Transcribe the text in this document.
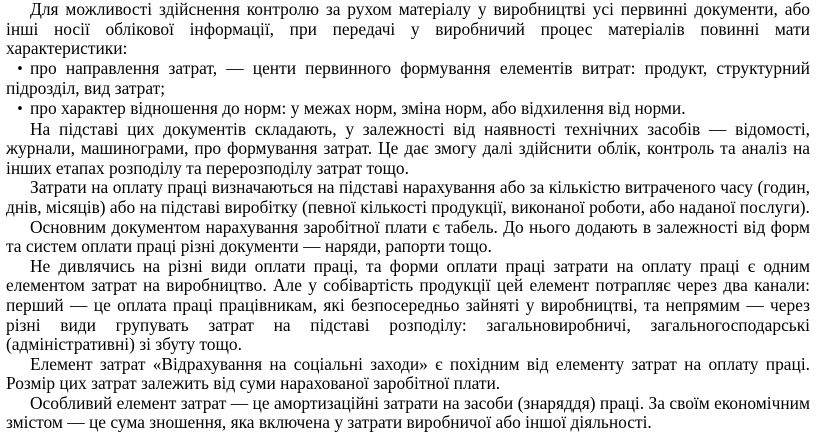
Для можливості здійснення контролю за рухом матеріалу у виробництві усі первинні документи, або інші носії облікової інформації, при передачі у виробничий процес матеріалів повинні мати характеристики:

• про направлення затрат, — центи первинного формування елементів витрат: продукт, структурний підрозділ, вид затрат;

• про характер відношення до норм: у межах норм, зміна норм, або відхилення від норми.

На підставі цих документів складають, у залежності від наявності технічних засобів — відомості, журнали, машинограми, про формування затрат. Це дає змогу далі здійснити облік, контроль та аналіз на інших етапах розподілу та перерозподілу затрат тощо.

Затрати на оплату праці визначаються на підставі нарахування або за кількістю витраченого часу (годин, днів, місяців) або на підставі виробітку (певної кількості продукції, виконаної роботи, або наданої послуги).

Основним документом нарахування заробітної плати є табель. До нього додають в залежності від форм та систем оплати праці різні документи — наряди, рапорти тощо.

Не дивлячись на різні види оплати праці, та форми оплати праці затрати на оплату праці є одним елементом затрат на виробництво. Але у собівартість продукції цей елемент потрапляє через два канали: перший — це оплата праці працівникам, які безпосередньо зайняті у виробництві, та непрямим — через різні види групувать затрат на підставі розподілу: загальновиробничі, загальногосподарські (адміністративні) зі збуту тощо.

Елемент затрат «Відрахування на соціальні заходи» є похідним від елементу затрат на оплату праці. Розмір цих затрат залежить від суми нарахованої заробітної плати.

Особливий елемент затрат — це амортизаційні затрати на засоби (знаряддя) праці. За своїм економічним змістом — це сума зношення, яка включена у затрати виробничої або іншої діяльності.
